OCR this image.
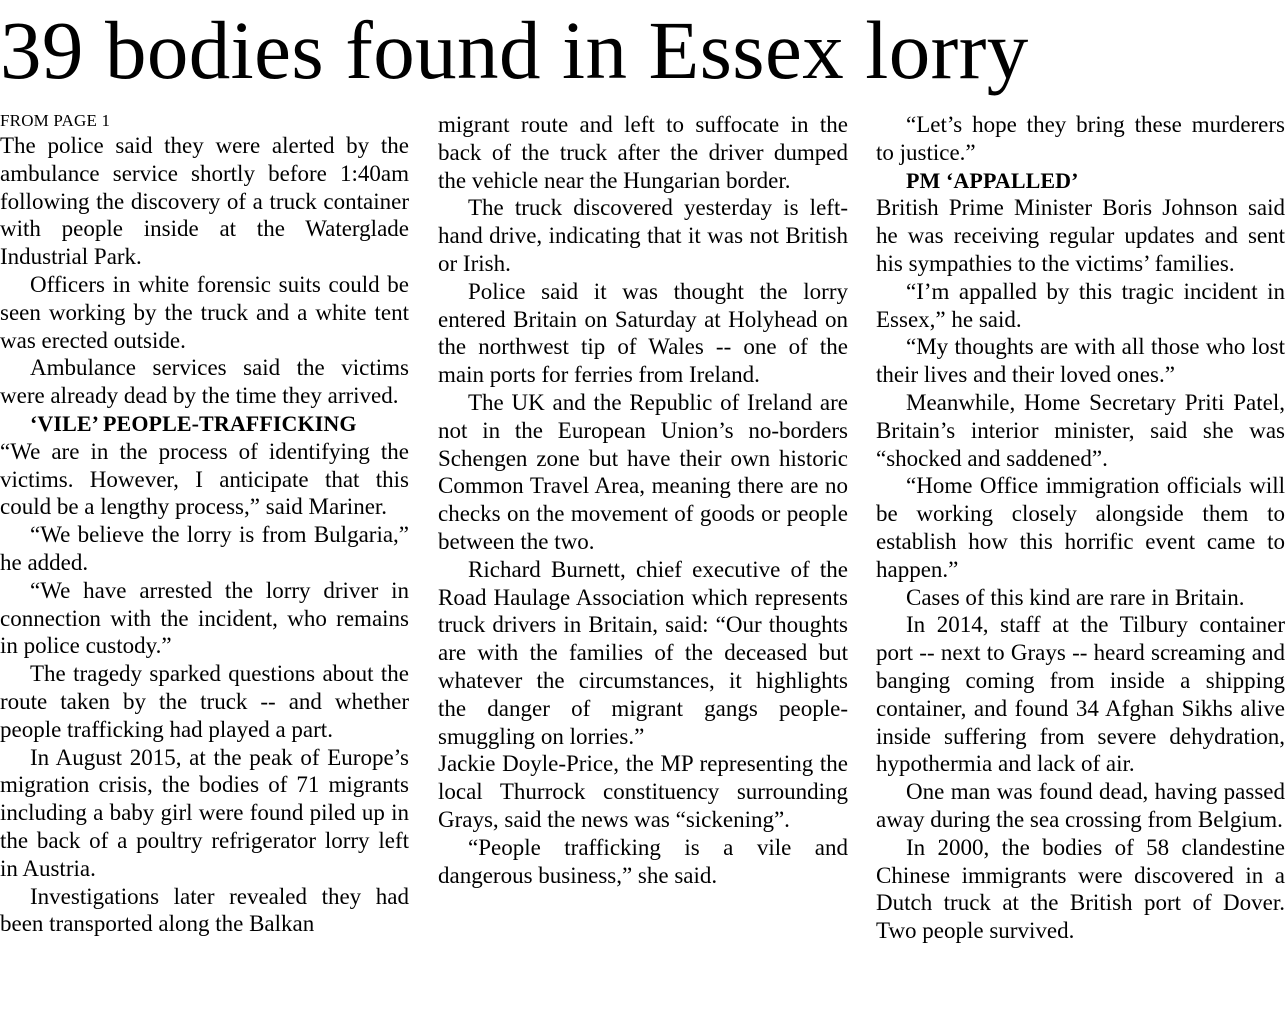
39 bodies found in Essex lorry

FROM PAGE 1

The police said they were alerted by the ambulance service shortly before 1:40am following the discovery of a truck container with people inside at the Waterglade Industrial Park.

Officers in white forensic suits could be seen working by the truck and a white tent was erected outside.

Ambulance services said the victims were already dead by the time they arrived.

‘VILE’ PEOPLE-TRAFFICKING

“We are in the process of identifying the victims. However, I anticipate that this could be a lengthy process,” said Mariner.

“We believe the lorry is from Bulgaria,” he added.

“We have arrested the lorry driver in connection with the incident, who remains in police custody.”

The tragedy sparked questions about the route taken by the truck -- and whether people trafficking had played a part.

In August 2015, at the peak of Europe’s migration crisis, the bodies of 71 migrants including a baby girl were found piled up in the back of a poultry refrigerator lorry left in Austria.

Investigations later revealed they had been transported along the Balkan

migrant route and left to suffocate in the back of the truck after the driver dumped the vehicle near the Hungarian border.

The truck discovered yesterday is left-hand drive, indicating that it was not British or Irish.

Police said it was thought the lorry entered Britain on Saturday at Holyhead on the northwest tip of Wales -- one of the main ports for ferries from Ireland.

The UK and the Republic of Ireland are not in the European Union’s no-borders Schengen zone but have their own historic Common Travel Area, meaning there are no checks on the movement of goods or people between the two.

Richard Burnett, chief executive of the Road Haulage Association which represents truck drivers in Britain, said: “Our thoughts are with the families of the deceased but whatever the circumstances, it highlights the danger of migrant gangs people-smuggling on lorries.”

Jackie Doyle-Price, the MP representing the local Thurrock constituency surrounding Grays, said the news was “sickening”.

“People trafficking is a vile and dangerous business,” she said.

“Let’s hope they bring these murderers to justice.”

PM ‘APPALLED’

British Prime Minister Boris Johnson said he was receiving regular updates and sent his sympathies to the victims’ families.

“I’m appalled by this tragic incident in Essex,” he said.

“My thoughts are with all those who lost their lives and their loved ones.”

Meanwhile, Home Secretary Priti Patel, Britain’s interior minister, said she was “shocked and saddened”.

“Home Office immigration officials will be working closely alongside them to establish how this horrific event came to happen.”

Cases of this kind are rare in Britain.

In 2014, staff at the Tilbury container port -- next to Grays -- heard screaming and banging coming from inside a shipping container, and found 34 Afghan Sikhs alive inside suffering from severe dehydration, hypothermia and lack of air.

One man was found dead, having passed away during the sea crossing from Belgium.

In 2000, the bodies of 58 clandestine Chinese immigrants were discovered in a Dutch truck at the British port of Dover. Two people survived.
